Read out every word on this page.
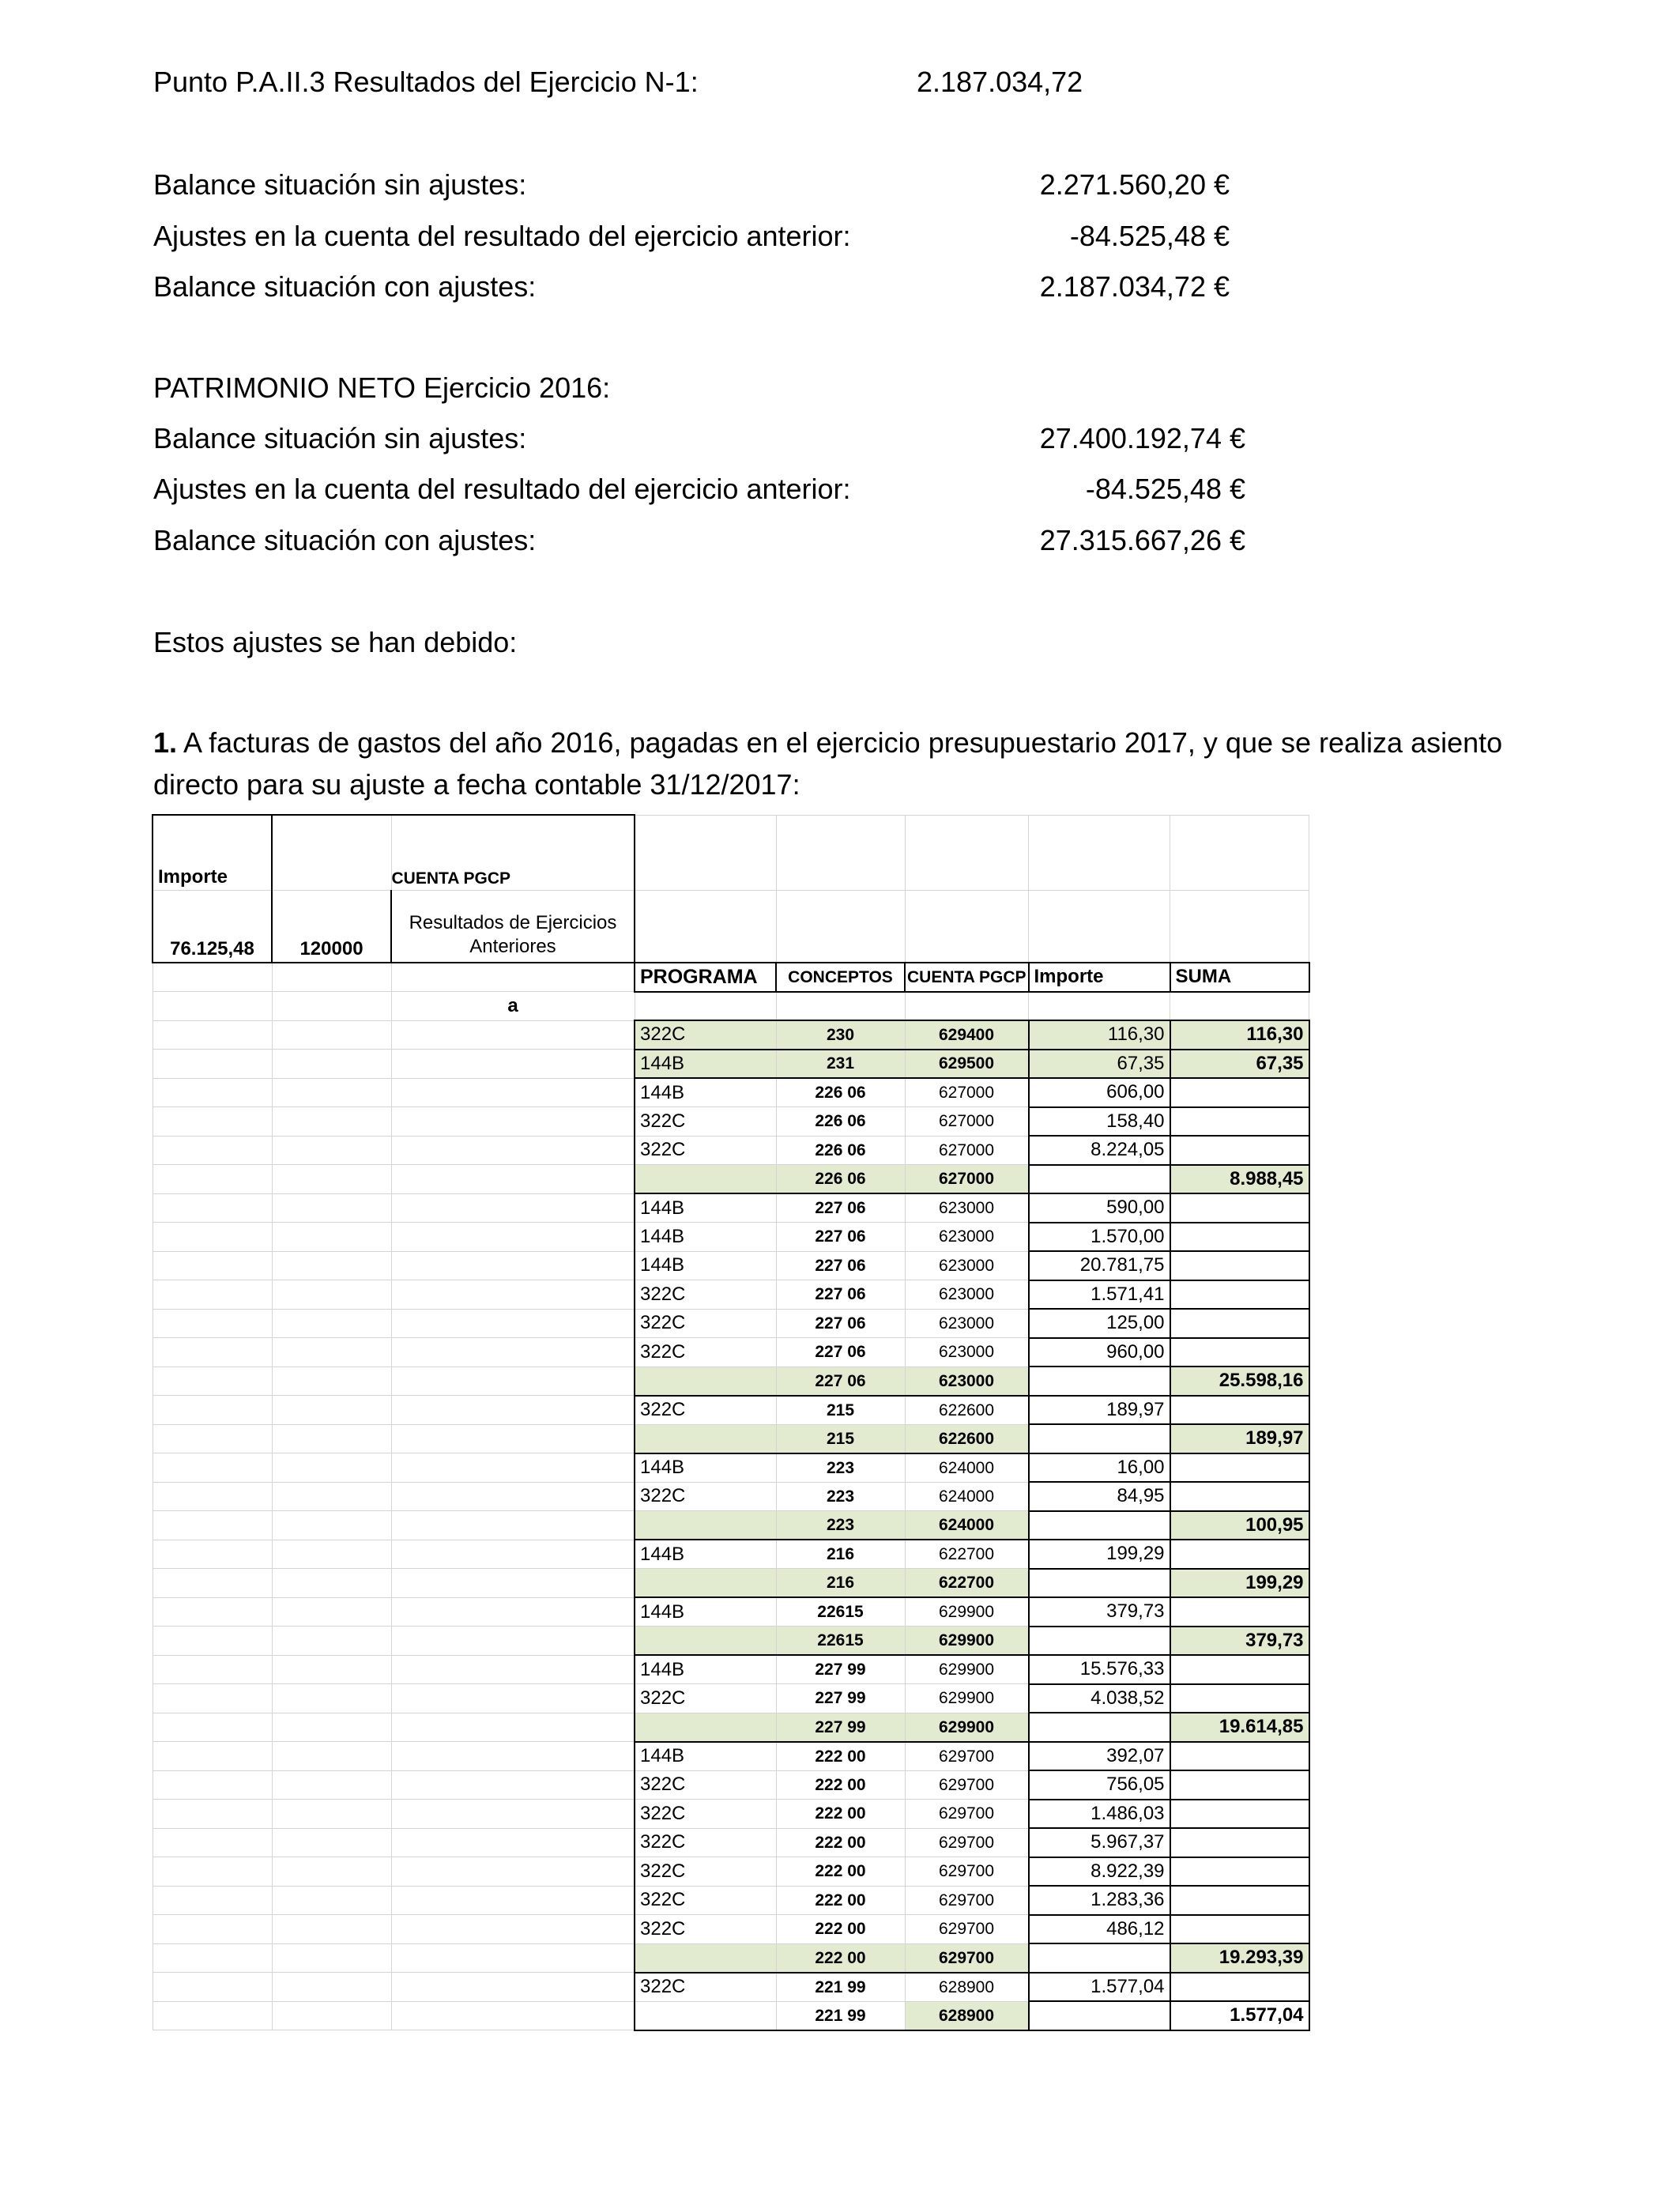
Punto P.A.II.3 Resultados del Ejercicio N-1:	2.187.034,72
Balance situación sin ajustes:	2.271.560,20 €
Ajustes en la cuenta del resultado del ejercicio anterior:	-84.525,48 €
Balance situación con ajustes:	2.187.034,72 €
PATRIMONIO NETO Ejercicio 2016:
Balance situación sin ajustes:	27.400.192,74 €
Ajustes en la cuenta del resultado del ejercicio anterior:	-84.525,48 €
Balance situación con ajustes:	27.315.667,26 €
Estos ajustes se han debido:
1. A facturas de gastos del año 2016, pagadas en el ejercicio presupuestario 2017, y que se realiza asiento
directo para su ajuste a fecha contable 31/12/2017:
Importe		CUENTA PGCP					
76.125,48	120000	Resultados de Ejercicios
Anteriores					
			PROGRAMA	CONCEPTOS	CUENTA PGCP	Importe	SUMA
		a					
			322C	230	629400	116,30	116,30
			144B	231	629500	67,35	67,35
			144B	226 06	627000	606,00	
			322C	226 06	627000	158,40	
			322C	226 06	627000	8.224,05	
				226 06	627000		8.988,45
			144B	227 06	623000	590,00	
			144B	227 06	623000	1.570,00	
			144B	227 06	623000	20.781,75	
			322C	227 06	623000	1.571,41	
			322C	227 06	623000	125,00	
			322C	227 06	623000	960,00	
				227 06	623000		25.598,16
			322C	215	622600	189,97	
				215	622600		189,97
			144B	223	624000	16,00	
			322C	223	624000	84,95	
				223	624000		100,95
			144B	216	622700	199,29	
				216	622700		199,29
			144B	22615	629900	379,73	
				22615	629900		379,73
			144B	227 99	629900	15.576,33	
			322C	227 99	629900	4.038,52	
				227 99	629900		19.614,85
			144B	222 00	629700	392,07	
			322C	222 00	629700	756,05	
			322C	222 00	629700	1.486,03	
			322C	222 00	629700	5.967,37	
			322C	222 00	629700	8.922,39	
			322C	222 00	629700	1.283,36	
			322C	222 00	629700	486,12	
				222 00	629700		19.293,39
			322C	221 99	628900	1.577,04	
				221 99	628900		1.577,04
